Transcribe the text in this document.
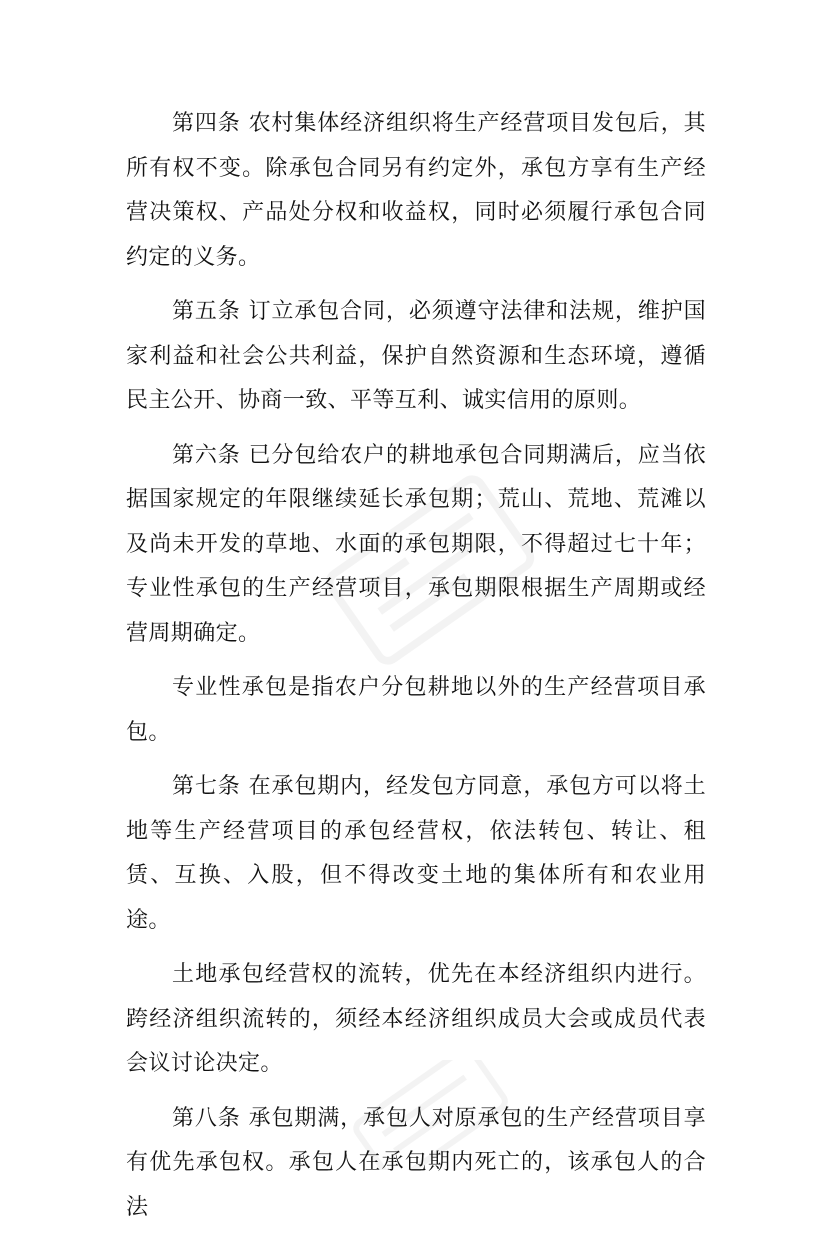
第四条 农村集体经济组织将生产经营项目发包后，其所有权不变。除承包合同另有约定外，承包方享有生产经营决策权、产品处分权和收益权，同时必须履行承包合同约定的义务。

第五条 订立承包合同，必须遵守法律和法规，维护国家利益和社会公共利益，保护自然资源和生态环境，遵循民主公开、协商一致、平等互利、诚实信用的原则。

第六条 已分包给农户的耕地承包合同期满后，应当依据国家规定的年限继续延长承包期；荒山、荒地、荒滩以及尚未开发的草地、水面的承包期限，不得超过七十年；专业性承包的生产经营项目，承包期限根据生产周期或经营周期确定。

专业性承包是指农户分包耕地以外的生产经营项目承包。

第七条 在承包期内，经发包方同意，承包方可以将土地等生产经营项目的承包经营权，依法转包、转让、租赁、互换、入股，但不得改变土地的集体所有和农业用途。

土地承包经营权的流转，优先在本经济组织内进行。跨经济组织流转的，须经本经济组织成员大会或成员代表会议讨论决定。

第八条 承包期满，承包人对原承包的生产经营项目享有优先承包权。承包人在承包期内死亡的，该承包人的合法
